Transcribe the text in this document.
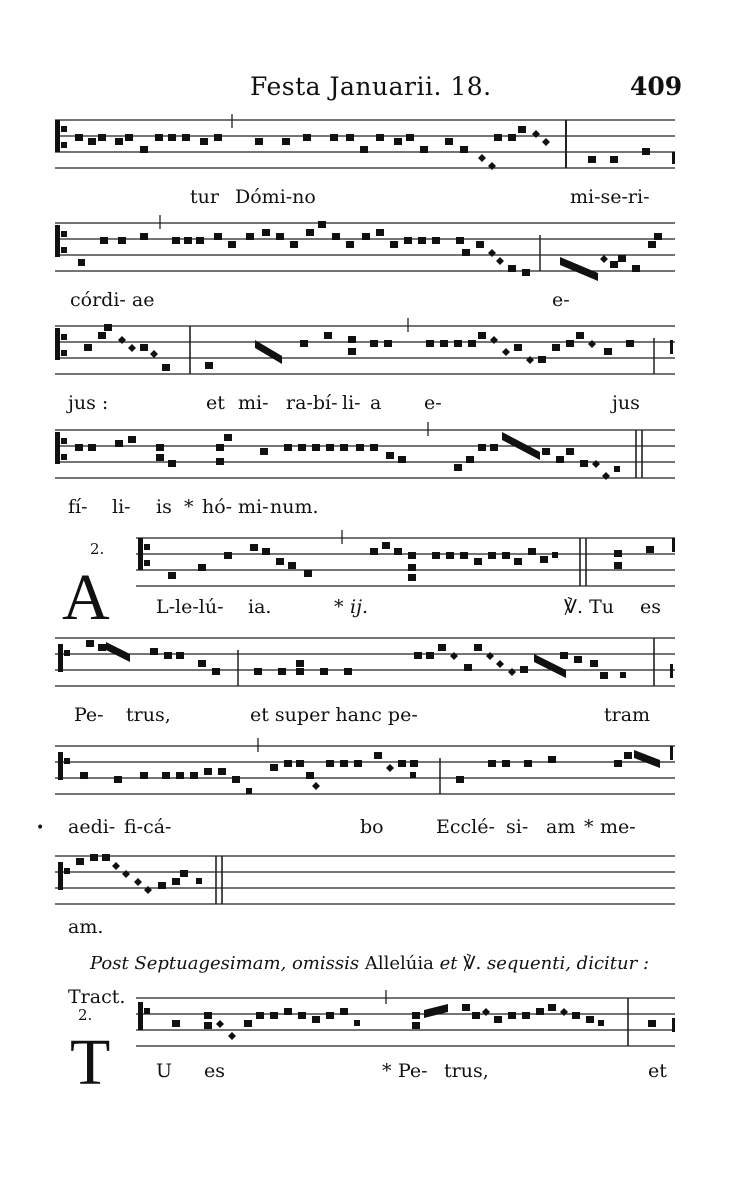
Festa Januarii. 18.	409
tur Dómi-no	mi-se-ri-
córdi- ae	e-
jus :	et mi- ra-bí- li- a e-	jus
fí- li- is * hó- mi- num.
2.
A L-le-lú- ia.	* ij.	℣. Tu es
Pe- trus,	et super hanc pe-	tram
aedi- fi-cá-	bo	Ecclé- si- am * me-
•
am.
Post Septuagesimam, omissis Allelúia et ℣. sequenti, dicitur :
Tract.
2.
T U es	* Pe- trus,	et
